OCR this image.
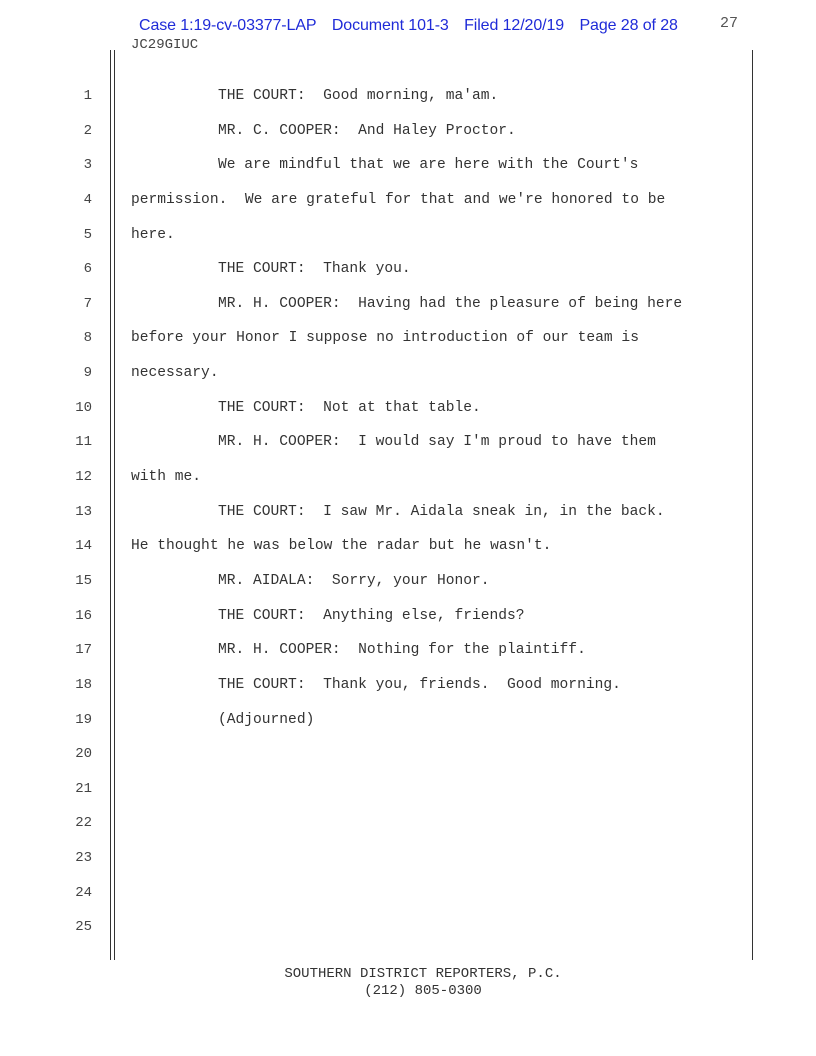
Case 1:19-cv-03377-LAP Document 101-3 Filed 12/20/19 Page 28 of 28	27
JC29GIUC
1
2
3
4
5
6
7
8
9
10
11
12
13
14
15
16
17
18
19
20
21
22
23
24
25
THE COURT:  Good morning, ma'am.
MR. C. COOPER:  And Haley Proctor.
We are mindful that we are here with the Court's
permission.  We are grateful for that and we're honored to be
here.
THE COURT:  Thank you.
MR. H. COOPER:  Having had the pleasure of being here
before your Honor I suppose no introduction of our team is
necessary.
THE COURT:  Not at that table.
MR. H. COOPER:  I would say I'm proud to have them
with me.
THE COURT:  I saw Mr. Aidala sneak in, in the back.
He thought he was below the radar but he wasn't.
MR. AIDALA:  Sorry, your Honor.
THE COURT:  Anything else, friends?
MR. H. COOPER:  Nothing for the plaintiff.
THE COURT:  Thank you, friends.  Good morning.
(Adjourned)
SOUTHERN DISTRICT REPORTERS, P.C.
(212) 805-0300
